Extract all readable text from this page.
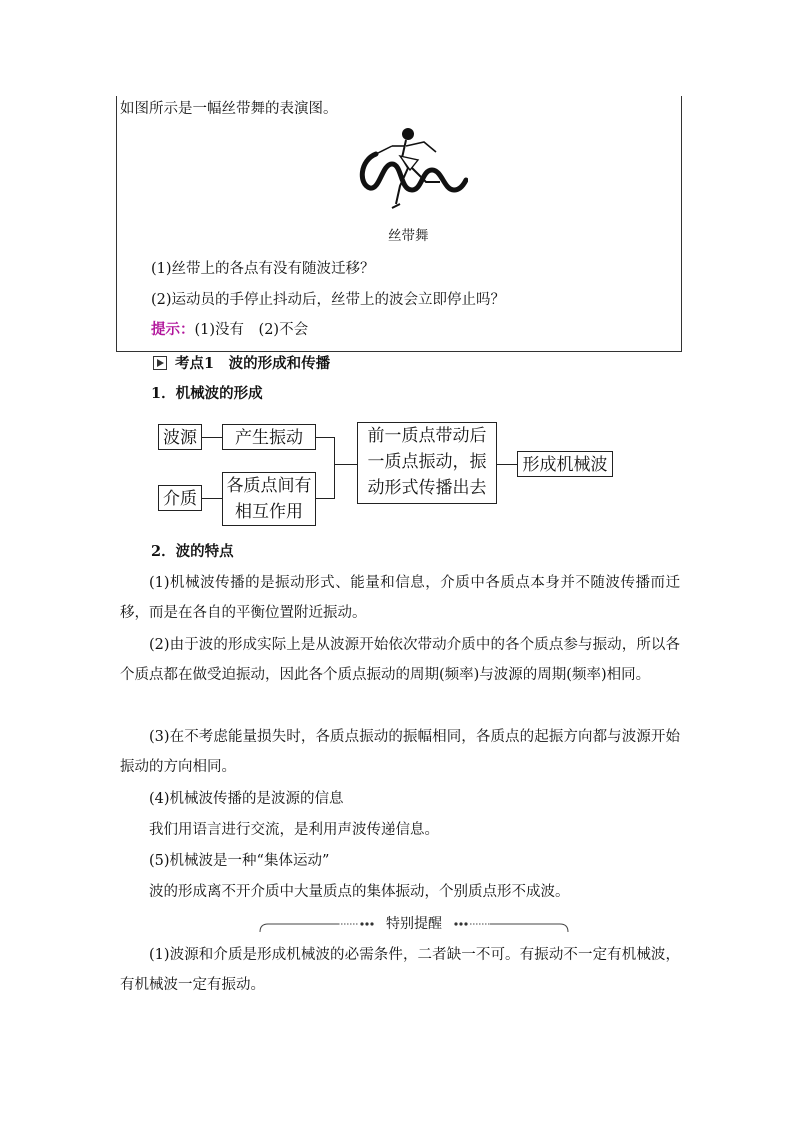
如图所示是一幅丝带舞的表演图。
丝带舞
(1)丝带上的各点有没有随波迁移？
(2)运动员的手停止抖动后，丝带上的波会立即停止吗？
提示：(1)没有　(2)不会
考点1　波的形成和传播
1．机械波的形成
波源	产生振动
介质
各质点间有
相互作用
前一质点带动后
一质点振动，振
动形式传播出去
形成机械波
2．波的特点
(1)机械波传播的是振动形式、能量和信息，介质中各质点本身并不随波传播而迁移，而是在各自的平衡位置附近振动。
(2)由于波的形成实际上是从波源开始依次带动介质中的各个质点参与振动，所以各个质点都在做受迫振动，因此各个质点振动的周期(频率)与波源的周期(频率)相同。
(3)在不考虑能量损失时，各质点振动的振幅相同，各质点的起振方向都与波源开始振动的方向相同。
(4)机械波传播的是波源的信息
我们用语言进行交流，是利用声波传递信息。
(5)机械波是一种“集体运动”
波的形成离不开介质中大量质点的集体振动，个别质点形不成波。
特别提醒
(1)波源和介质是形成机械波的必需条件，二者缺一不可。有振动不一定有机械波，有机械波一定有振动。
